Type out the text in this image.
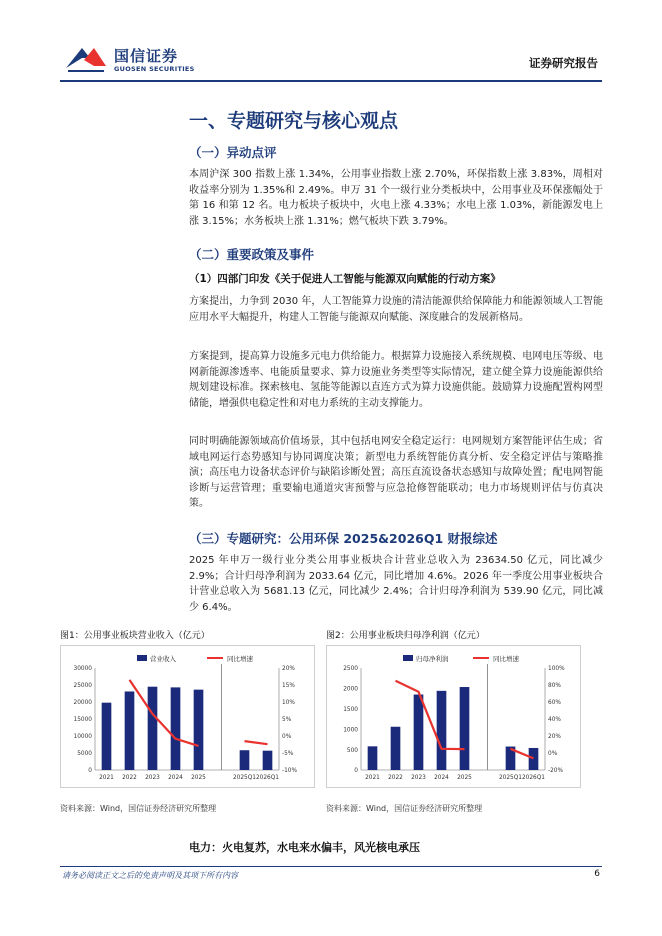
国信证券
GUOSEN SECURITIES	证券研究报告
一、专题研究与核心观点
（一）异动点评
本周沪深 300 指数上涨 1.34%，公用事业指数上涨 2.70%，环保指数上涨 3.83%，周相对收益率分别为 1.35%和 2.49%。申万 31 个一级行业分类板块中，公用事业及环保涨幅处于第 16 和第 12 名。电力板块子板块中，火电上涨 4.33%；水电上涨 1.03%，新能源发电上涨 3.15%；水务板块上涨 1.31%；燃气板块下跌 3.79%。
（二）重要政策及事件
（1）四部门印发《关于促进人工智能与能源双向赋能的行动方案》
方案提出，力争到 2030 年，人工智能算力设施的清洁能源供给保障能力和能源领域人工智能应用水平大幅提升，构建人工智能与能源双向赋能、深度融合的发展新格局。
方案提到，提高算力设施多元电力供给能力。根据算力设施接入系统规模、电网电压等级、电网新能源渗透率、电能质量要求、算力设施业务类型等实际情况，建立健全算力设施能源供给规划建设标准。探索核电、氢能等能源以直连方式为算力设施供能。鼓励算力设施配置构网型储能，增强供电稳定性和对电力系统的主动支撑能力。
同时明确能源领域高价值场景，其中包括电网安全稳定运行：电网规划方案智能评估生成；省域电网运行态势感知与协同调度决策；新型电力系统智能仿真分析、安全稳定评估与策略推演；高压电力设备状态评价与缺陷诊断处置；高压直流设备状态感知与故障处置；配电网智能诊断与运营管理；重要输电通道灾害预警与应急抢修智能联动；电力市场规则评估与仿真决策。
（三）专题研究：公用环保 2025&2026Q1 财报综述
2025 年申万一级行业分类公用事业板块合计营业总收入为 23634.50 亿元，同比减少 2.9%；合计归母净利润为 2033.64 亿元，同比增加 4.6%。2026 年一季度公用事业板块合计营业总收入为 5681.13 亿元，同比减少 2.4%；合计归母净利润为 539.90 亿元，同比减少 6.4%。
图1：公用事业板块营业收入（亿元）
营业收入	同比增速
0
5000
10000
15000
20000
25000
30000
-10%
-5%
0%
5%
10%
15%
20%
2021 2022 2023 2024 2025	2025Q1 2026Q1
图2：公用事业板块归母净利润（亿元）
归母净利润	同比增速
0
500
1000
1500
2000
2500
-20%
0%
20%
40%
60%
80%
100%
2021 2022 2023 2024 2025	2025Q1 2026Q1
资料来源：Wind，国信证券经济研究所整理	资料来源：Wind，国信证券经济研究所整理
电力：火电复苏，水电来水偏丰，风光核电承压
请务必阅读正文之后的免责声明及其项下所有内容	6
